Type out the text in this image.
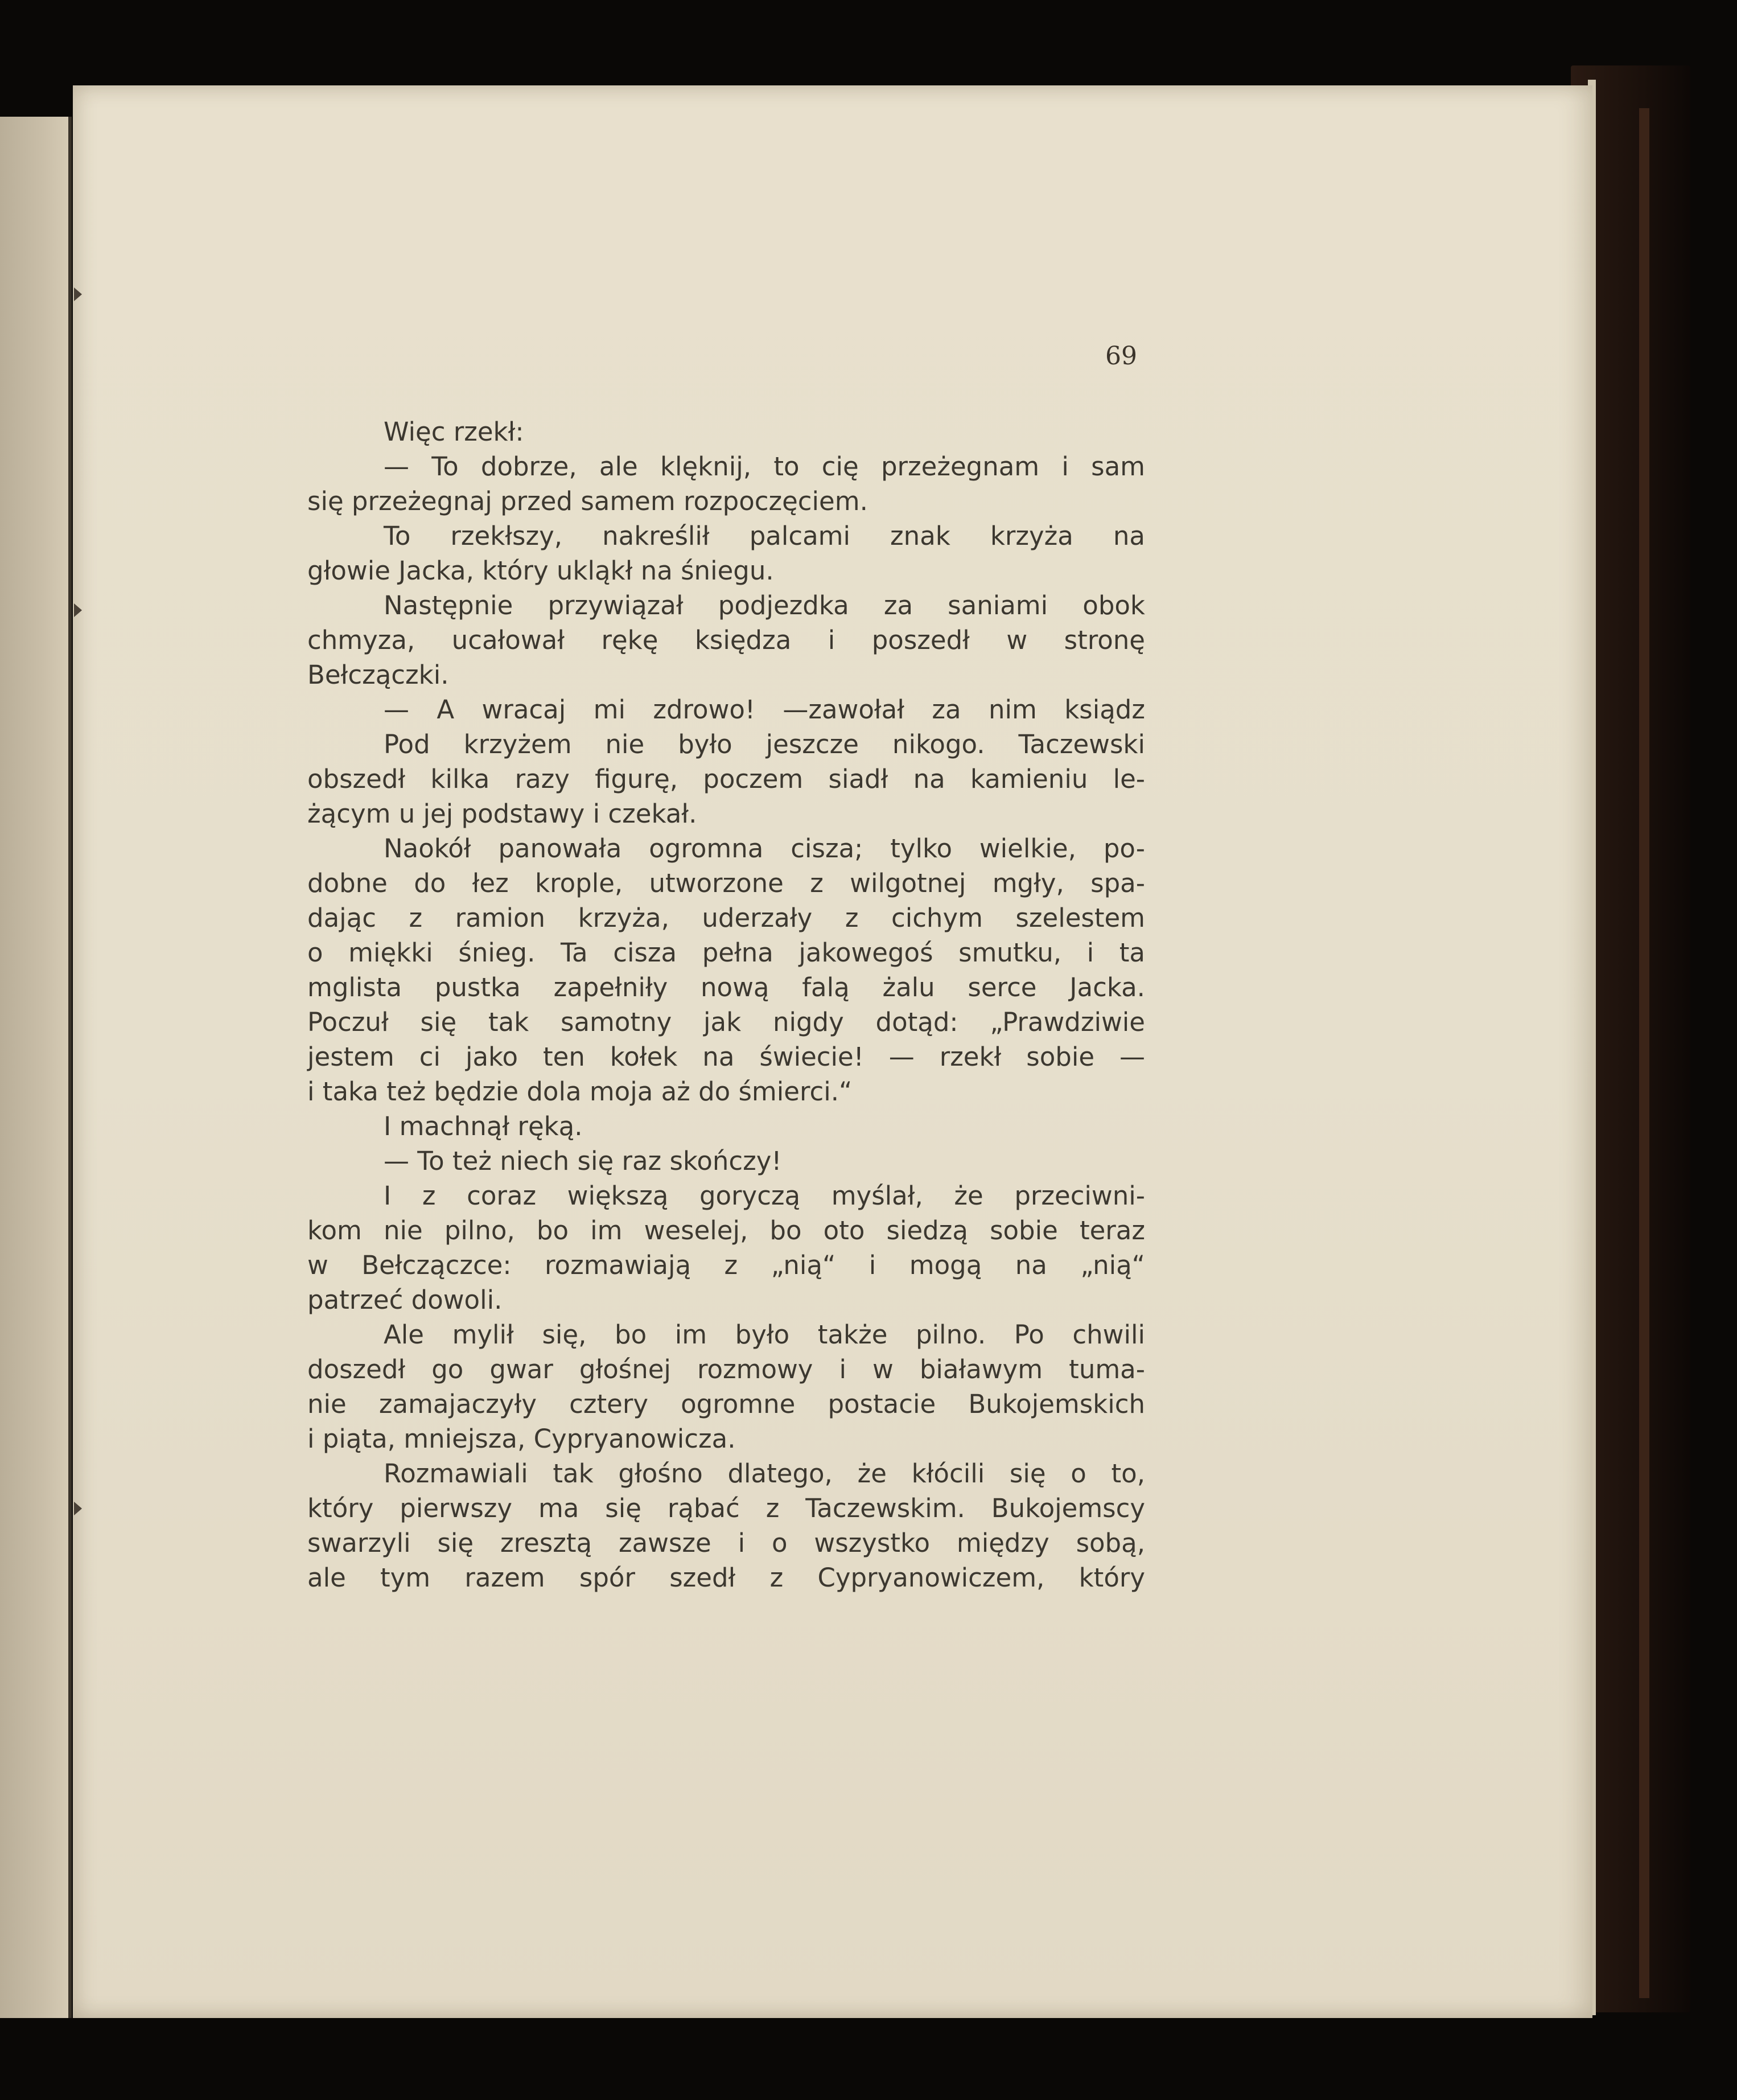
69
Więc rzekł:
— To dobrze, ale klęknij, to cię przeżegnam i sam
się przeżegnaj przed samem rozpoczęciem.
To rzekłszy, nakreślił palcami znak krzyża na
głowie Jacka, który ukląkł na śniegu.
Następnie przywiązał podjezdka za saniami obok
chmyza, ucałował rękę księdza i poszedł w stronę
Bełczączki.
— A wracaj mi zdrowo! —zawołał za nim ksiądz
Pod krzyżem nie było jeszcze nikogo. Taczewski
obszedł kilka razy figurę, poczem siadł na kamieniu le-
żącym u jej podstawy i czekał.
Naokół panowała ogromna cisza; tylko wielkie, po-
dobne do łez krople, utworzone z wilgotnej mgły, spa-
dając z ramion krzyża, uderzały z cichym szelestem
o miękki śnieg. Ta cisza pełna jakowegoś smutku, i ta
mglista pustka zapełniły nową falą żalu serce Jacka.
Poczuł się tak samotny jak nigdy dotąd: „Prawdziwie
jestem ci jako ten kołek na świecie! — rzekł sobie —
i taka też będzie dola moja aż do śmierci.“
I machnął ręką.
— To też niech się raz skończy!
I z coraz większą goryczą myślał, że przeciwni-
kom nie pilno, bo im weselej, bo oto siedzą sobie teraz
w Bełczączce: rozmawiają z „nią“ i mogą na „nią“
patrzeć dowoli.
Ale mylił się, bo im było także pilno. Po chwili
doszedł go gwar głośnej rozmowy i w białawym tuma-
nie zamajaczyły cztery ogromne postacie Bukojemskich
i piąta, mniejsza, Cypryanowicza.
Rozmawiali tak głośno dlatego, że kłócili się o to,
który pierwszy ma się rąbać z Taczewskim. Bukojemscy
swarzyli się zresztą zawsze i o wszystko między sobą,
ale tym razem spór szedł z Cypryanowiczem, który
